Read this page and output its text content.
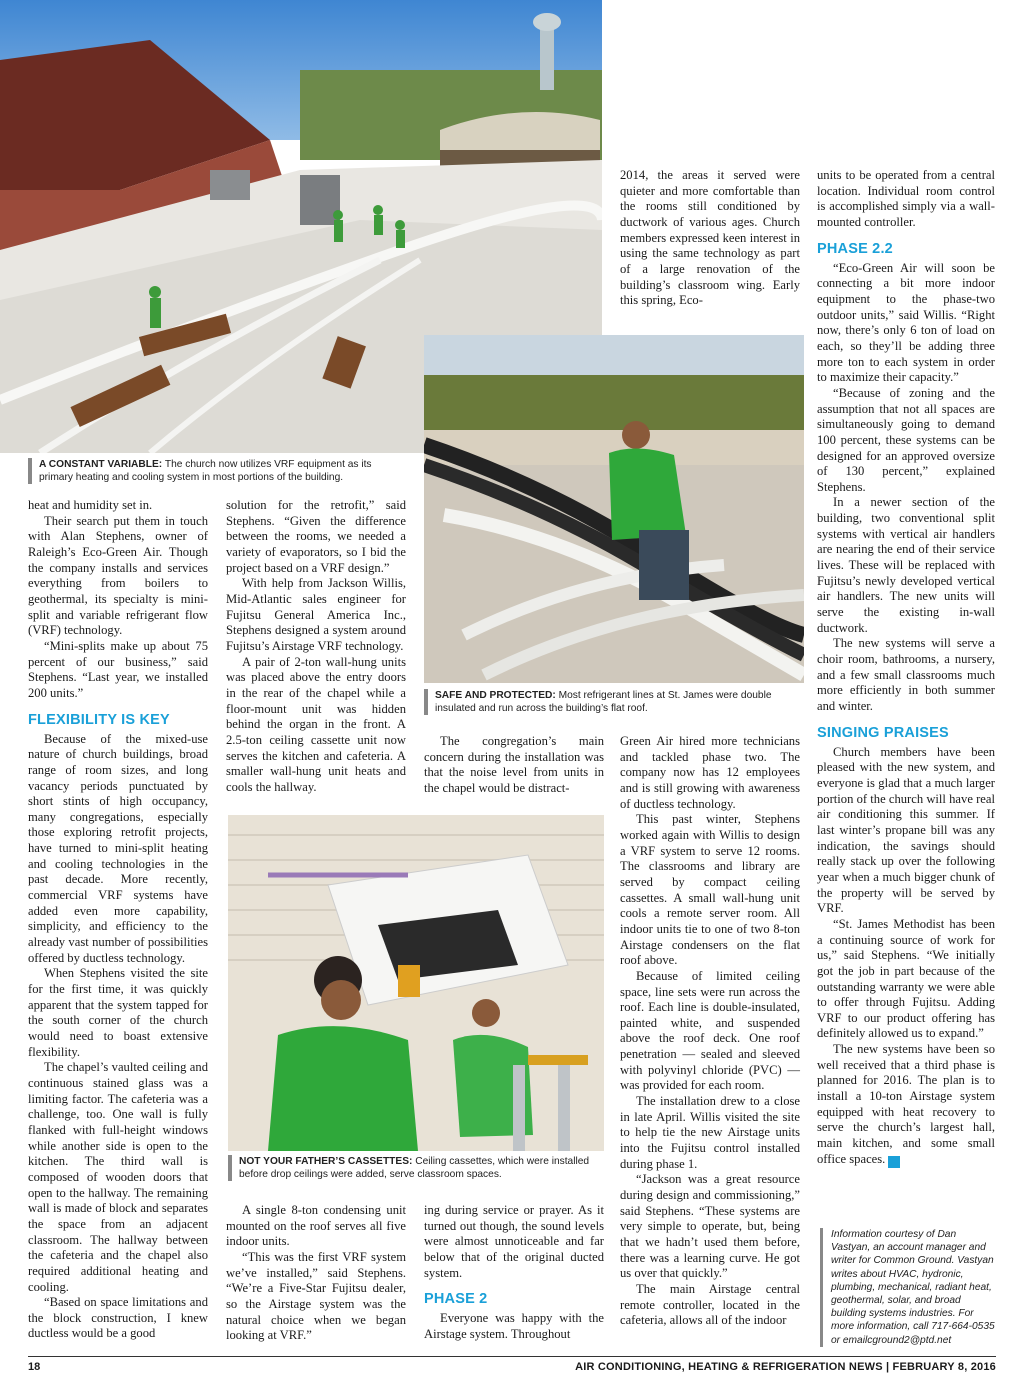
A CONSTANT VARIABLE: The church now utilizes VRF equipment as its primary heating and cooling system in most portions of the building.
SAFE AND PROTECTED: Most refrigerant lines at St. James were double insulated and run across the building’s flat roof.
NOT YOUR FATHER’S CASSETTES: Ceiling cassettes, which were installed before drop ceilings were added, serve classroom spaces.

heat and humidity set in.

Their search put them in touch with Alan Stephens, owner of Raleigh’s Eco-Green Air. Though the company installs and services everything from boilers to geothermal, its specialty is mini-split and variable refrigerant flow (VRF) technology.

“Mini-splits make up about 75 percent of our business,” said Stephens. “Last year, we installed 200 units.”

FLEXIBILITY IS KEY

Because of the mixed-use nature of church buildings, broad range of room sizes, and long vacancy periods punctuated by short stints of high occupancy, many congregations, especially those exploring retrofit projects, have turned to mini-split heating and cooling technologies in the past decade. More recently, commercial VRF systems have added even more capability, simplicity, and efficiency to the already vast number of possibilities offered by ductless technology.

When Stephens visited the site for the first time, it was quickly apparent that the system tapped for the south corner of the church would need to boast extensive flexibility.

The chapel’s vaulted ceiling and continuous stained glass was a limiting factor. The cafeteria was a challenge, too. One wall is fully flanked with full-height windows while another side is open to the kitchen. The third wall is composed of wooden doors that open to the hallway. The remaining wall is made of block and separates the space from an adjacent classroom. The hallway between the cafeteria and the chapel also required additional heating and cooling.

“Based on space limitations and the block construction, I knew ductless would be a good

solution for the retrofit,” said Stephens. “Given the difference between the rooms, we needed a variety of evaporators, so I bid the project based on a VRF design.”

With help from Jackson Willis, Mid-Atlantic sales engineer for Fujitsu General America Inc., Stephens designed a system around Fujitsu’s Airstage VRF technology.

A pair of 2-ton wall-hung units was placed above the entry doors in the rear of the chapel while a floor-mount unit was hidden behind the organ in the front. A 2.5-ton ceiling cassette unit now serves the kitchen and cafeteria. A smaller wall-hung unit heats and cools the hallway.

A single 8-ton condensing unit mounted on the roof serves all five indoor units.

“This was the first VRF system we’ve installed,” said Stephens. “We’re a Five-Star Fujitsu dealer, so the Airstage system was the natural choice when we began looking at VRF.”

The congregation’s main concern during the installation was that the noise level from units in the chapel would be distract-

ing during service or prayer. As it turned out though, the sound levels were almost unnoticeable and far below that of the original ducted system.

PHASE 2

Everyone was happy with the Airstage system. Throughout

2014, the areas it served were quieter and more comfortable than the rooms still conditioned by ductwork of various ages. Church members expressed keen interest in using the same technology as part of a large renovation of the building’s classroom wing. Early this spring, Eco-

Green Air hired more technicians and tackled phase two. The company now has 12 employees and is still growing with awareness of ductless technology.

This past winter, Stephens worked again with Willis to design a VRF system to serve 12 rooms. The classrooms and library are served by compact ceiling cassettes. A small wall-hung unit cools a remote server room. All indoor units tie to one of two 8-ton Airstage condensers on the flat roof above.

Because of limited ceiling space, line sets were run across the roof. Each line is double-insulated, painted white, and suspended above the roof deck. One roof penetration — sealed and sleeved with polyvinyl chloride (PVC) — was provided for each room.

The installation drew to a close in late April. Willis visited the site to help tie the new Airstage units into the Fujitsu control installed during phase 1.

“Jackson was a great resource during design and commissioning,” said Stephens. “These systems are very simple to operate, but, being that we hadn’t used them before, there was a learning curve. He got us over that quickly.”

The main Airstage central remote controller, located in the cafeteria, allows all of the indoor

units to be operated from a central location. Individual room control is accomplished simply via a wall-mounted controller.

PHASE 2.2

“Eco-Green Air will soon be connecting a bit more indoor equipment to the phase-two outdoor units,” said Willis. “Right now, there’s only 6 ton of load on each, so they’ll be adding three more ton to each system in order to maximize their capacity.”

“Because of zoning and the assumption that not all spaces are simultaneously going to demand 100 percent, these systems can be designed for an approved oversize of 130 percent,” explained Stephens.

In a newer section of the building, two conventional split systems with vertical air handlers are nearing the end of their service lives. These will be replaced with Fujitsu’s newly developed vertical air handlers. The new units will serve the existing in-wall ductwork.

The new systems will serve a choir room, bathrooms, a nursery, and a few small classrooms much more efficiently in both summer and winter.

SINGING PRAISES

Church members have been pleased with the new system, and everyone is glad that a much larger portion of the church will have real air conditioning this summer. If last winter’s propane bill was any indication, the savings should really stack up over the following year when a much bigger chunk of the property will be served by VRF.

“St. James Methodist has been a continuing source of work for us,” said Stephens. “We initially got the job in part because of the outstanding warranty we were able to offer through Fujitsu. Adding VRF to our product offering has definitely allowed us to expand.”

The new systems have been so well received that a third phase is planned for 2016. The plan is to install a 10-ton Airstage system equipped with heat recovery to serve the church’s largest hall, main kitchen, and some small office spaces. N

Information courtesy of Dan Vastyan, an account manager and writer for Common Ground. Vastyan writes about HVAC, hydronic, plumbing, mechanical, radiant heat, geothermal, solar, and broad building systems industries. For more information, call 717-664-0535 or emailcground2@ptd.net
18	AIR CONDITIONING, HEATING & REFRIGERATION NEWS | FEBRUARY 8, 2016
